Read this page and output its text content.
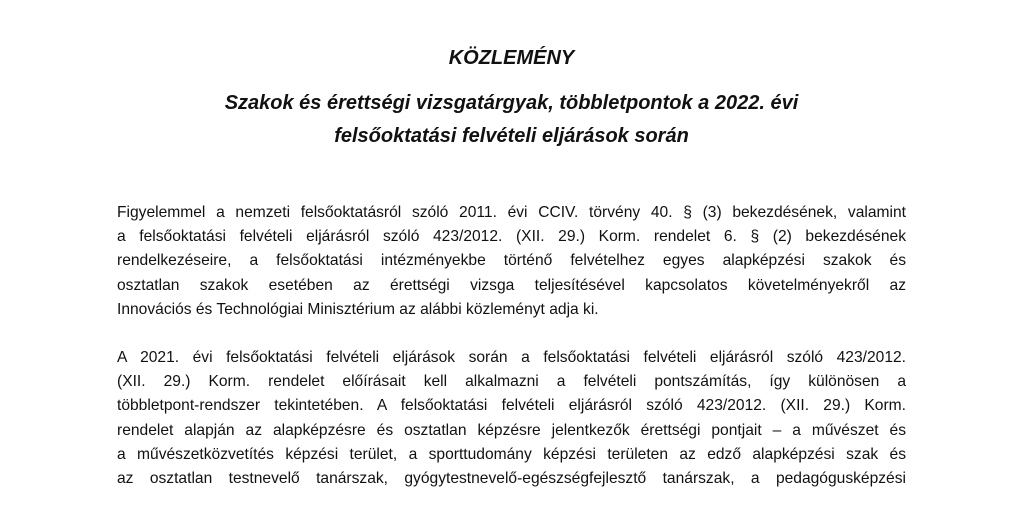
KÖZLEMÉNY
Szakok és érettségi vizsgatárgyak, többletpontok a 2022. évi
felsőoktatási felvételi eljárások során
Figyelemmel a nemzeti felsőoktatásról szóló 2011. évi CCIV. törvény 40. § (3) bekezdésének, valamint
a felsőoktatási felvételi eljárásról szóló 423/2012. (XII. 29.) Korm. rendelet 6. § (2) bekezdésének
rendelkezéseire, a felsőoktatási intézményekbe történő felvételhez egyes alapképzési szakok és
osztatlan szakok esetében az érettségi vizsga teljesítésével kapcsolatos követelményekről az
Innovációs és Technológiai Minisztérium az alábbi közleményt adja ki.
A 2021. évi felsőoktatási felvételi eljárások során a felsőoktatási felvételi eljárásról szóló 423/2012.
(XII. 29.) Korm. rendelet előírásait kell alkalmazni a felvételi pontszámítás, így különösen a
többletpont-rendszer tekintetében. A felsőoktatási felvételi eljárásról szóló 423/2012. (XII. 29.) Korm.
rendelet alapján az alapképzésre és osztatlan képzésre jelentkezők érettségi pontjait – a művészet és
a művészetközvetítés képzési terület, a sporttudomány képzési területen az edző alapképzési szak és
az osztatlan testnevelő tanárszak, gyógytestnevelő-egészségfejlesztő tanárszak, a pedagógusképzési
